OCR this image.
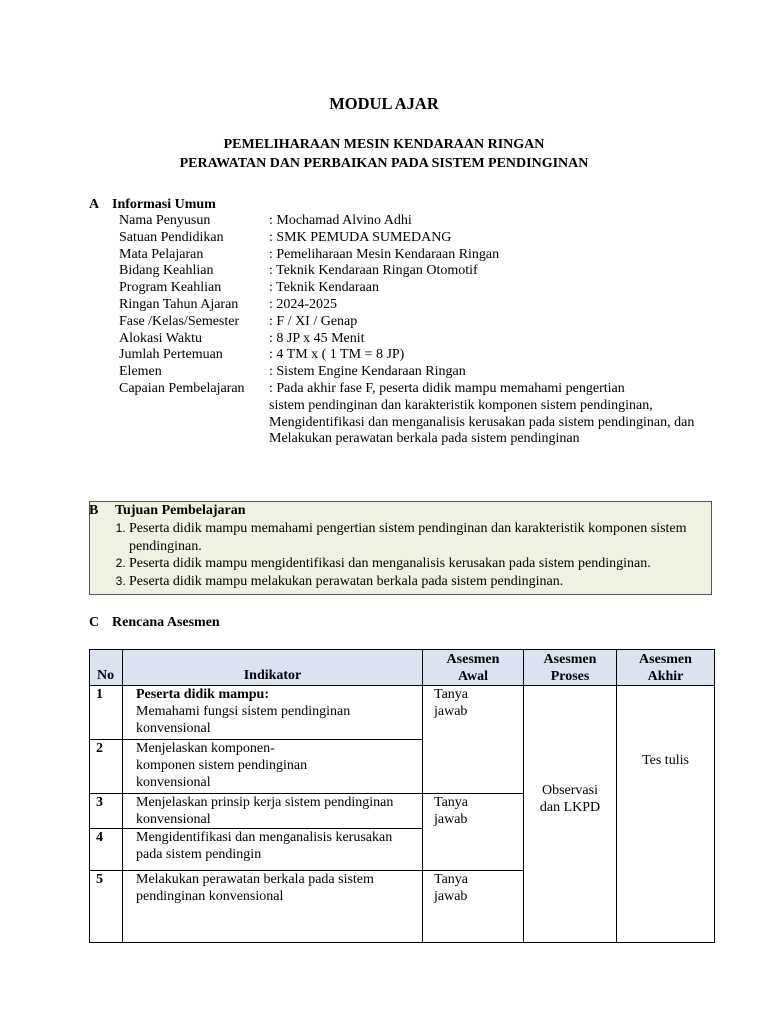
MODUL AJAR
PEMELIHARAAN MESIN KENDARAAN RINGAN
PERAWATAN DAN PERBAIKAN PADA SISTEM PENDINGINAN
A Informasi Umum
Nama Penyusun	: Mochamad Alvino Adhi
Satuan Pendidikan	: SMK PEMUDA SUMEDANG
Mata Pelajaran	: Pemeliharaan Mesin Kendaraan Ringan
Bidang Keahlian	: Teknik Kendaraan Ringan Otomotif
Program Keahlian	: Teknik Kendaraan
Ringan Tahun Ajaran	: 2024-2025
Fase /Kelas/Semester	: F / XI / Genap
Alokasi Waktu	: 8 JP x 45 Menit
Jumlah Pertemuan	: 4 TM x ( 1 TM = 8 JP)
Elemen	: Sistem Engine Kendaraan Ringan
Capaian Pembelajaran	: Pada akhir fase F, peserta didik mampu memahami pengertian
sistem pendinginan dan karakteristik komponen sistem pendinginan, Mengidentifikasi dan menganalisis kerusakan pada sistem pendinginan, dan Melakukan perawatan berkala pada sistem pendinginan
B Tujuan Pembelajaran
1. Peserta didik mampu memahami pengertian sistem pendinginan dan karakteristik komponen sistem pendinginan.
2. Peserta didik mampu mengidentifikasi dan menganalisis kerusakan pada sistem pendinginan.
3. Peserta didik mampu melakukan perawatan berkala pada sistem pendinginan.
C Rencana Asesmen
No	Indikator	Asesmen Awal	Asesmen Proses	Asesmen Akhir
1	Peserta didik mampu:
Memahami fungsi sistem pendinginan konvensional	Tanya jawab	Observasi dan LKPD	Tes tulis

2	Menjelaskan komponen-komponen sistem pendinginan konvensional			

3	Menjelaskan prinsip kerja sistem pendinginan konvensional	Tanya jawab		

4	Mengidentifikasi dan menganalisis kerusakan pada sistem pendingin			
5	Melakukan perawatan berkala pada sistem pendinginan konvensional	Tanya jawab		
